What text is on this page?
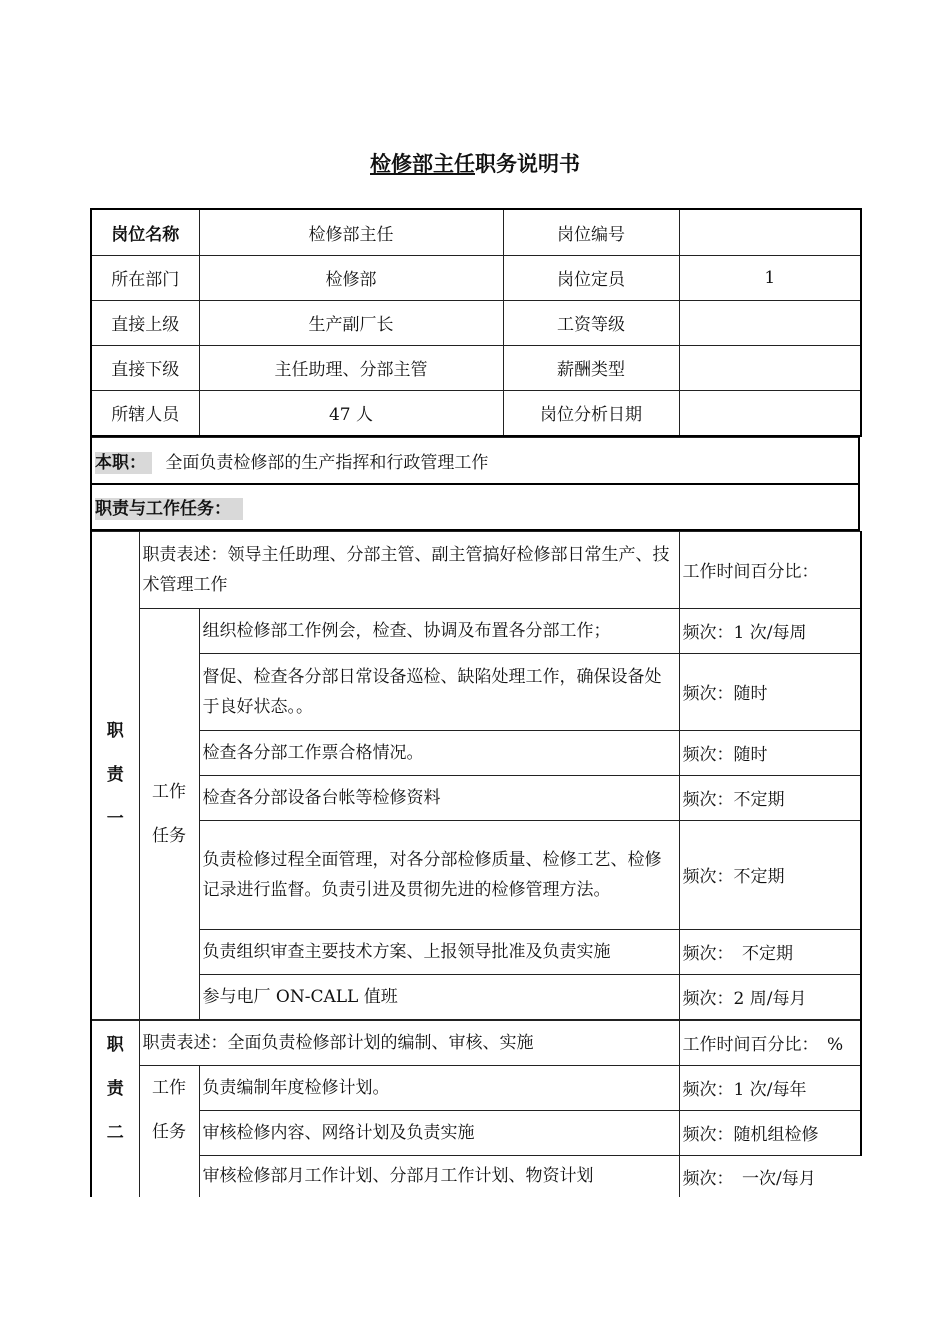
检修部主任职务说明书
岗位名称	检修部主任	岗位编号	
所在部门	检修部	岗位定员	1
直接上级	生产副厂长	工资等级	
直接下级	主任助理、分部主管	薪酬类型	
所辖人员	47 人	岗位分析日期	
本职： 全面负责检修部的生产指挥和行政管理工作
职责与工作任务：
职
责
一	职责表述：领导主任助理、分部主管、副主管搞好检修部日常生产、技术管理工作		工作时间百分比：

	工作
任务	组织检修部工作例会，检查、协调及布置各分部工作；	频次：1 次/每周
		督促、检查各分部日常设备巡检、缺陷处理工作，确保设备处于良好状态。。	频次：随时
		检查各分部工作票合格情况。	频次：随时
		检查各分部设备台帐等检修资料	频次：不定期
		负责检修过程全面管理，对各分部检修质量、检修工艺、检修记录进行监督。负责引进及贯彻先进的检修管理方法。	频次：不定期
		负责组织审查主要技术方案、上报领导批准及负责实施	频次：　不定期
		参与电厂 ON-CALL 值班	频次：2 周/每月
职
责
二	职责表述：全面负责检修部计划的编制、审核、实施		工作时间百分比：　%

	工作
任务	负责编制年度检修计划。	频次：1 次/每年
		审核检修内容、网络计划及负责实施	频次：随机组检修
		审核检修部月工作计划、分部月工作计划、物资计划	频次：　一次/每月
